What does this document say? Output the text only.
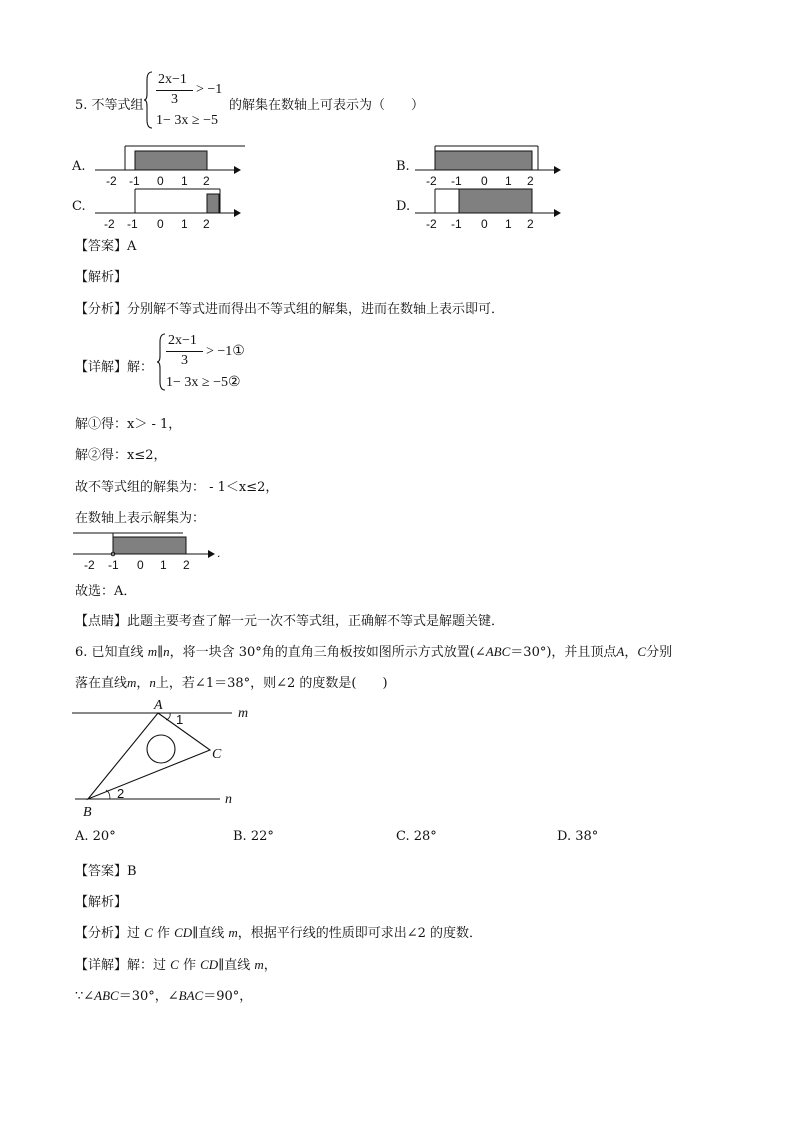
5. 不等式组
2x−1
3
> −1
1− 3x ≥ −5
的解集在数轴上可表示为（　　）
A.
-2 -1 0 1 2
B.
-2 -1 0 1 2
C.
-2 -1 0 1 2
D.
-2 -1 0 1 2
【答案】A
【解析】
【分析】分别解不等式进而得出不等式组的解集，进而在数轴上表示即可．
【详解】解：
2x−1
3
> −1①
1− 3x ≥ −5②
解①得：x＞ - 1，
解②得：x≤2，
故不等式组的解集为： - 1＜x≤2，
在数轴上表示解集为：
.
-2 -1 0 1 2
故选：A．
【点睛】此题主要考查了解一元一次不等式组，正确解不等式是解题关键．
6. 已知直线 m∥n，将一块含 30°角的直角三角板按如图所示方式放置(∠ABC＝30°)，并且顶点A，C分别
落在直线m，n上，若∠1＝38°，则∠2 的度数是(　　)
A
1	m
C
2	n
B
A. 20°	B. 22°	C. 28°	D. 38°
【答案】B
【解析】
【分析】过 C 作 CD∥直线 m，根据平行线的性质即可求出∠2 的度数．
【详解】解：过 C 作 CD∥直线 m，
∵∠ABC＝30°，∠BAC＝90°，
